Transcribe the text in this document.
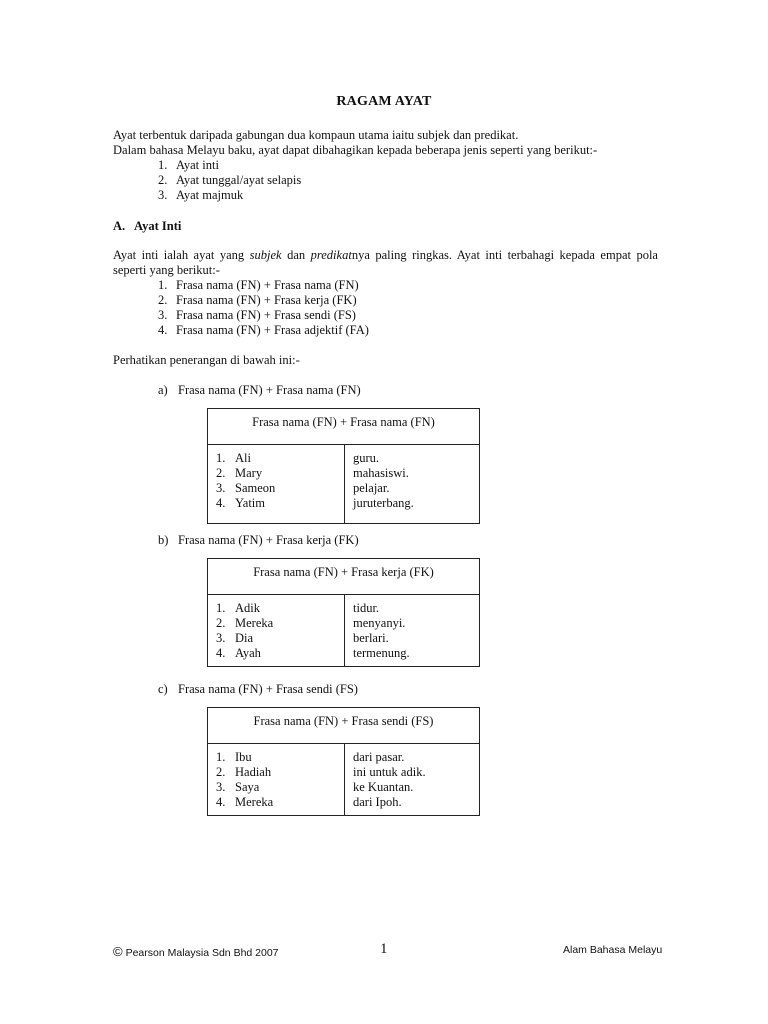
RAGAM AYAT
Ayat terbentuk daripada gabungan dua kompaun utama iaitu subjek dan predikat.
Dalam bahasa Melayu baku, ayat dapat dibahagikan kepada beberapa jenis seperti yang berikut:-
1. Ayat inti
2. Ayat tunggal/ayat selapis
3. Ayat majmuk
A. Ayat Inti
Ayat inti ialah ayat yang subjek dan predikatnya paling ringkas. Ayat inti terbahagi kepada empat pola seperti yang berikut:-
1. Frasa nama (FN) + Frasa nama (FN)
2. Frasa nama (FN) + Frasa kerja (FK)
3. Frasa nama (FN) + Frasa sendi (FS)
4. Frasa nama (FN) + Frasa adjektif (FA)
Perhatikan penerangan di bawah ini:-
a) Frasa nama (FN) + Frasa nama (FN)
Frasa nama (FN) + Frasa nama (FN)
1. Ali
2. Mary
3. Sameon
4. Yatim
guru.
mahasiswi.
pelajar.
juruterbang.
b) Frasa nama (FN) + Frasa kerja (FK)
Frasa nama (FN) + Frasa kerja (FK)
1. Adik
2. Mereka
3. Dia
4. Ayah
tidur.
menyanyi.
berlari.
termenung.
c) Frasa nama (FN) + Frasa sendi (FS)
Frasa nama (FN) + Frasa sendi (FS)
1. Ibu
2. Hadiah
3. Saya
4. Mereka
dari pasar.
ini untuk adik.
ke Kuantan.
dari Ipoh.
© Pearson Malaysia Sdn Bhd 2007	1	Alam Bahasa Melayu
